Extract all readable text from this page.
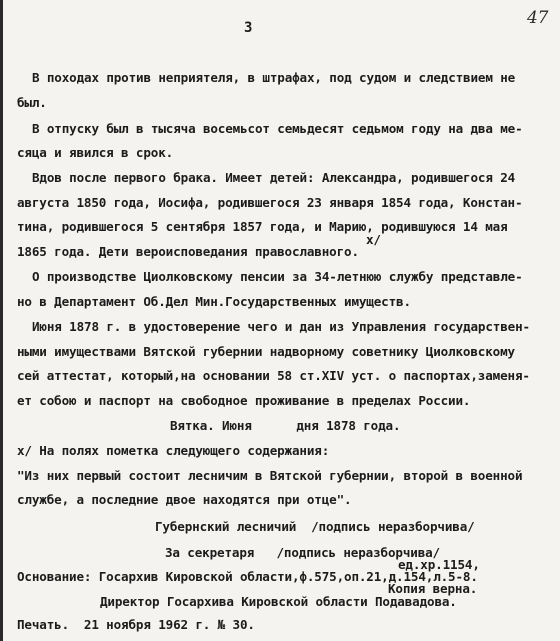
47
3
В походах против неприятеля, в штрафах, под судом и следствием не
был.
В отпуску был в тысяча восемьсот семьдесят седьмом году на два ме-
сяца и явился в срок.
Вдов после первого брака. Имеет детей: Александра, родившегося 24
августа 1850 года, Иосифа, родившегося 23 января 1854 года, Констан-
тина, родившегося 5 сентября 1857 года, и Марию, родившуюся 14 мая
х/
1865 года. Дети вероисповедания православного.
О производстве Циолковскому пенсии за 34-летнюю службу представле-
но в Департамент Об.Дел Мин.Государственных имуществ.
Июня 1878 г. в удостоверение чего и дан из Управления государствен-
ными имуществами Вятской губернии надворному советнику Циолковскому
сей аттестат, который,на основании 58 ст.XIV уст. о паспортах,заменя-
ет собою и паспорт на свободное проживание в пределах России.
Вятка. Июня      дня 1878 года.
х/ На полях пометка следующего содержания:
"Из них первый состоит лесничим в Вятской губернии, второй в военной
службе, а последние двое находятся при отце".
Губернский лесничий  /подпись неразборчива/
За секретаря   /подпись неразборчива/
ед.хр.1154,
Копия верна.
Основание: Госархив Кировской области,ф.575,оп.21,д.154,л.5-8.
Директор Госархива Кировской области Подавадова.
Печать.  21 ноября 1962 г. № 30.
